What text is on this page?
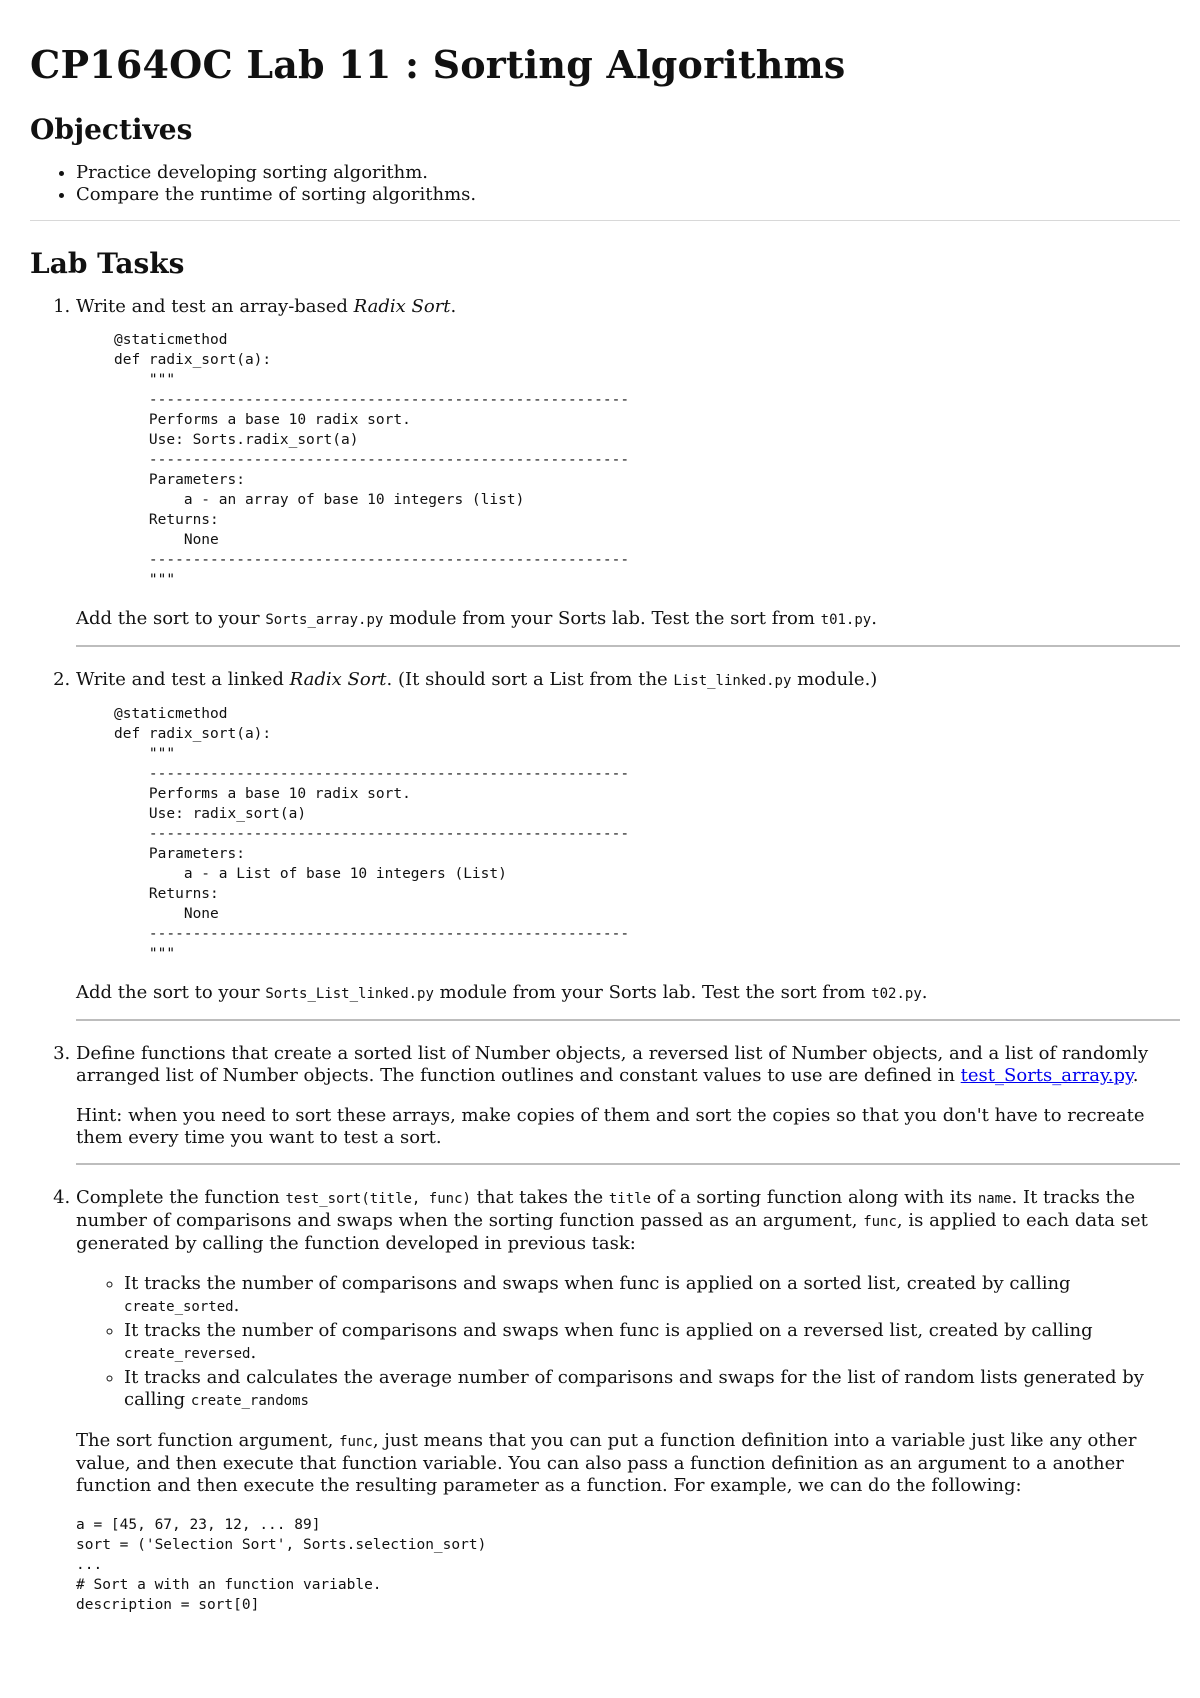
CP164OC Lab 11 : Sorting Algorithms
Objectives
• Practice developing sorting algorithm.
• Compare the runtime of sorting algorithms.
Lab Tasks

1. Write and test an array-based Radix Sort.

@staticmethod
def radix_sort(a):
"""
-------------------------------------------------------
Performs a base 10 radix sort.
Use: Sorts.radix_sort(a)
-------------------------------------------------------
Parameters:
a - an array of base 10 integers (list)
Returns:
None
-------------------------------------------------------
"""

Add the sort to your Sorts_array.py module from your Sorts lab. Test the sort from t01.py.

2. Write and test a linked Radix Sort. (It should sort a List from the List_linked.py module.)

@staticmethod
def radix_sort(a):
"""
-------------------------------------------------------
Performs a base 10 radix sort.
Use: radix_sort(a)
-------------------------------------------------------
Parameters:
a - a List of base 10 integers (List)
Returns:
None
-------------------------------------------------------
"""

Add the sort to your Sorts_List_linked.py module from your Sorts lab. Test the sort from t02.py.

3. Define functions that create a sorted list of Number objects, a reversed list of Number objects, and a list of randomly arranged list of Number objects. The function outlines and constant values to use are defined in test_Sorts_array.py.

Hint: when you need to sort these arrays, make copies of them and sort the copies so that you don't have to recreate them every time you want to test a sort.

4. Complete the function test_sort(title, func) that takes the title of a sorting function along with its name. It tracks the number of comparisons and swaps when the sorting function passed as an argument, func, is applied to each data set generated by calling the function developed in previous task:

◦ It tracks the number of comparisons and swaps when func is applied on a sorted list, created by calling create_sorted.
◦ It tracks the number of comparisons and swaps when func is applied on a reversed list, created by calling create_reversed.
◦ It tracks and calculates the average number of comparisons and swaps for the list of random lists generated by calling create_randoms

The sort function argument, func, just means that you can put a function definition into a variable just like any other value, and then execute that function variable. You can also pass a function definition as an argument to a another function and then execute the resulting parameter as a function. For example, we can do the following:

a = [45, 67, 23, 12, ... 89]
sort = ('Selection Sort', Sorts.selection_sort)
...
# Sort a with an function variable.
description = sort[0]
